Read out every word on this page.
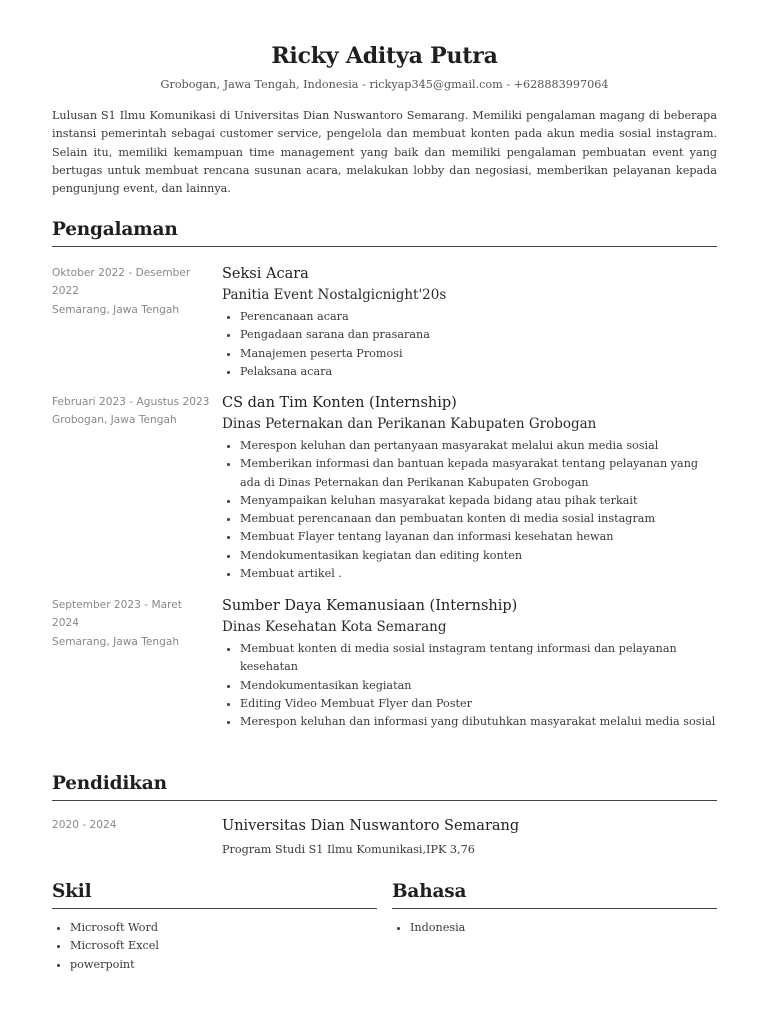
Ricky Aditya Putra
Grobogan, Jawa Tengah, Indonesia - rickyap345@gmail.com - +628883997064
Lulusan S1 Ilmu Komunikasi di Universitas Dian Nuswantoro Semarang. Memiliki pengalaman magang di beberapa instansi pemerintah sebagai customer service, pengelola dan membuat konten pada akun media sosial instagram. Selain itu, memiliki kemampuan time management yang baik dan memiliki pengalaman pembuatan event yang bertugas untuk membuat rencana susunan acara, melakukan lobby dan negosiasi, memberikan pelayanan kepada pengunjung event, dan lainnya.
Pengalaman
Oktober 2022 - Desember 2022
Semarang, Jawa Tengah
Seksi Acara
Panitia Event Nostalgicnight'20s
• Perencanaan acara
• Pengadaan sarana dan prasarana
• Manajemen peserta Promosi
• Pelaksana acara
Februari 2023 - Agustus 2023
Grobogan, Jawa Tengah
CS dan Tim Konten (Internship)
Dinas Peternakan dan Perikanan Kabupaten Grobogan
• Merespon keluhan dan pertanyaan masyarakat melalui akun media sosial
• Memberikan informasi dan bantuan kepada masyarakat tentang pelayanan yang ada di Dinas Peternakan dan Perikanan Kabupaten Grobogan
• Menyampaikan keluhan masyarakat kepada bidang atau pihak terkait
• Membuat perencanaan dan pembuatan konten di media sosial instagram
• Membuat Flayer tentang layanan dan informasi kesehatan hewan
• Mendokumentasikan kegiatan dan editing konten
• Membuat artikel .
September 2023 - Maret 2024
Semarang, Jawa Tengah
Sumber Daya Kemanusiaan (Internship)
Dinas Kesehatan Kota Semarang
• Membuat konten di media sosial instagram tentang informasi dan pelayanan kesehatan
• Mendokumentasikan kegiatan
• Editing Video Membuat Flyer dan Poster
• Merespon keluhan dan informasi yang dibutuhkan masyarakat melalui media sosial
Pendidikan
2020 - 2024	Universitas Dian Nuswantoro Semarang
Program Studi S1 Ilmu Komunikasi,IPK 3,76
Skil
• Microsoft Word
• Microsoft Excel
• powerpoint
Bahasa
• Indonesia
